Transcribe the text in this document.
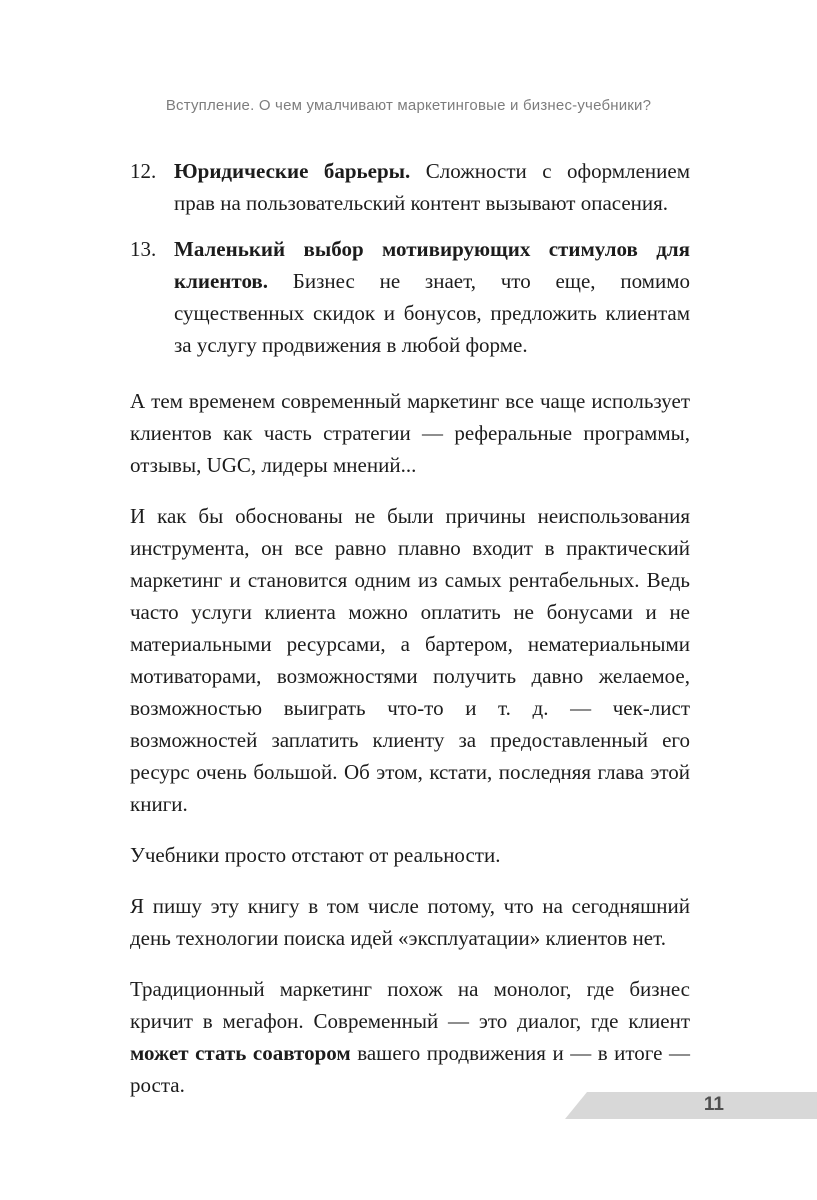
Вступление. О чем умалчивают маркетинговые и бизнес-учебники?
12. Юридические барьеры. Сложности с оформлением прав на пользовательский контент вызывают опасения.
13. Маленький выбор мотивирующих стимулов для клиентов. Бизнес не знает, что еще, помимо существенных скидок и бонусов, предложить клиентам за услугу продвижения в любой форме.

А тем временем современный маркетинг все чаще использует клиентов как часть стратегии — реферальные программы, отзывы, UGC, лидеры мнений...

И как бы обоснованы не были причины неиспользования инструмента, он все равно плавно входит в практический маркетинг и становится одним из самых рентабельных. Ведь часто услуги клиента можно оплатить не бонусами и не материальными ресурсами, а бартером, нематериальными мотиваторами, возможностями получить давно желаемое, возможностью выиграть что-то и т. д. — чек-лист возможностей заплатить клиенту за предоставленный его ресурс очень большой. Об этом, кстати, последняя глава этой книги.

Учебники просто отстают от реальности.

Я пишу эту книгу в том числе потому, что на сегодняшний день технологии поиска идей «эксплуатации» клиентов нет.

Традиционный маркетинг похож на монолог, где бизнес кричит в мегафон. Современный — это диалог, где клиент может стать соавтором вашего продвижения и — в итоге — роста.

11
